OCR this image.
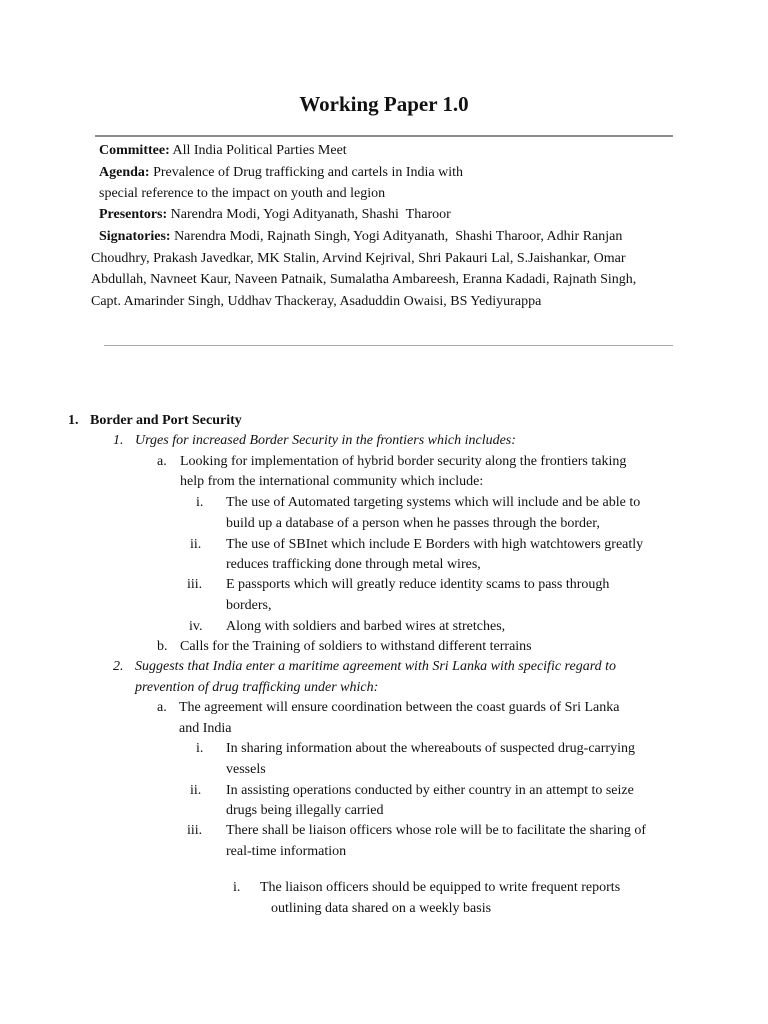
Working Paper 1.0
Committee: All India Political Parties Meet
Agenda: Prevalence of Drug trafficking and cartels in India with
special reference to the impact on youth and legion
Presentors: Narendra Modi, Yogi Adityanath, Shashi  Tharoor
Signatories: Narendra Modi, Rajnath Singh, Yogi Adityanath,  Shashi Tharoor, Adhir Ranjan
Choudhry, Prakash Javedkar, MK Stalin, Arvind Kejrival, Shri Pakauri Lal, S.Jaishankar, Omar
Abdullah, Navneet Kaur, Naveen Patnaik, Sumalatha Ambareesh, Eranna Kadadi, Rajnath Singh,
Capt. Amarinder Singh, Uddhav Thackeray, Asaduddin Owaisi, BS Yediyurappa
1. Border and Port Security
1. Urges for increased Border Security in the frontiers which includes:
a. Looking for implementation of hybrid border security along the frontiers taking
help from the international community which include:
i. The use of Automated targeting systems which will include and be able to
build up a database of a person when he passes through the border,
ii. The use of SBInet which include E Borders with high watchtowers greatly
reduces trafficking done through metal wires,
iii. E passports which will greatly reduce identity scams to pass through
borders,
iv. Along with soldiers and barbed wires at stretches,
b. Calls for the Training of soldiers to withstand different terrains
2. Suggests that India enter a maritime agreement with Sri Lanka with specific regard to
prevention of drug trafficking under which:
a. The agreement will ensure coordination between the coast guards of Sri Lanka
and India
i. In sharing information about the whereabouts of suspected drug-carrying
vessels
ii. In assisting operations conducted by either country in an attempt to seize
drugs being illegally carried
iii. There shall be liaison officers whose role will be to facilitate the sharing of
real-time information
i. The liaison officers should be equipped to write frequent reports
outlining data shared on a weekly basis
